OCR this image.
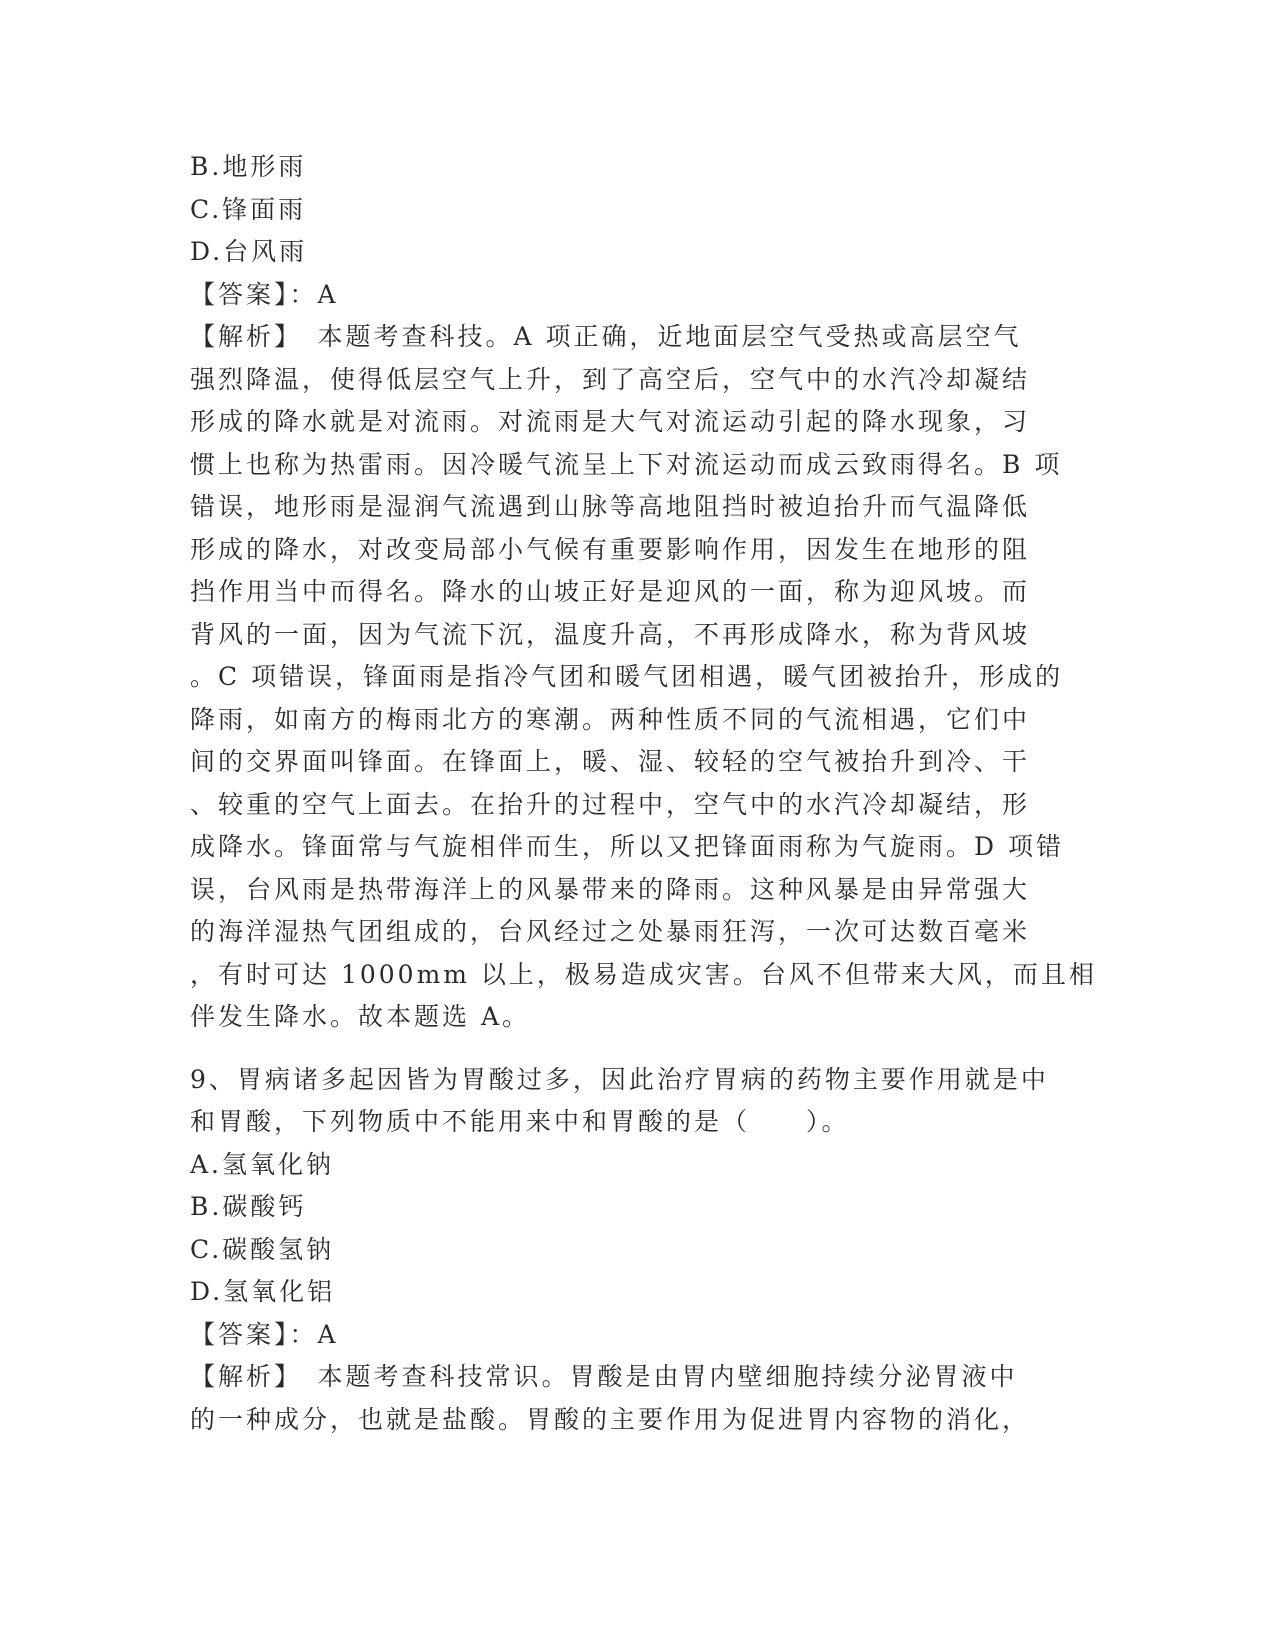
B.地形雨
C.锋面雨
D.台风雨
【答案】：A
【解析】　本题考查科技。A 项正确，近地面层空气受热或高层空气
强烈降温，使得低层空气上升，到了高空后，空气中的水汽冷却凝结
形成的降水就是对流雨。对流雨是大气对流运动引起的降水现象，习
惯上也称为热雷雨。因冷暖气流呈上下对流运动而成云致雨得名。B 项
错误，地形雨是湿润气流遇到山脉等高地阻挡时被迫抬升而气温降低
形成的降水，对改变局部小气候有重要影响作用，因发生在地形的阻
挡作用当中而得名。降水的山坡正好是迎风的一面，称为迎风坡。而
背风的一面，因为气流下沉，温度升高，不再形成降水，称为背风坡
。C 项错误，锋面雨是指冷气团和暖气团相遇，暖气团被抬升，形成的
降雨，如南方的梅雨北方的寒潮。两种性质不同的气流相遇，它们中
间的交界面叫锋面。在锋面上，暖、湿、较轻的空气被抬升到冷、干
、较重的空气上面去。在抬升的过程中，空气中的水汽冷却凝结，形
成降水。锋面常与气旋相伴而生，所以又把锋面雨称为气旋雨。D 项错
误，台风雨是热带海洋上的风暴带来的降雨。这种风暴是由异常强大
的海洋湿热气团组成的，台风经过之处暴雨狂泻，一次可达数百毫米
，有时可达 1000mm 以上，极易造成灾害。台风不但带来大风，而且相
伴发生降水。故本题选 A。
9、胃病诸多起因皆为胃酸过多，因此治疗胃病的药物主要作用就是中
和胃酸，下列物质中不能用来中和胃酸的是（　　）。
A.氢氧化钠
B.碳酸钙
C.碳酸氢钠
D.氢氧化铝
【答案】：A
【解析】　本题考查科技常识。胃酸是由胃内壁细胞持续分泌胃液中
的一种成分，也就是盐酸。胃酸的主要作用为促进胃内容物的消化，
